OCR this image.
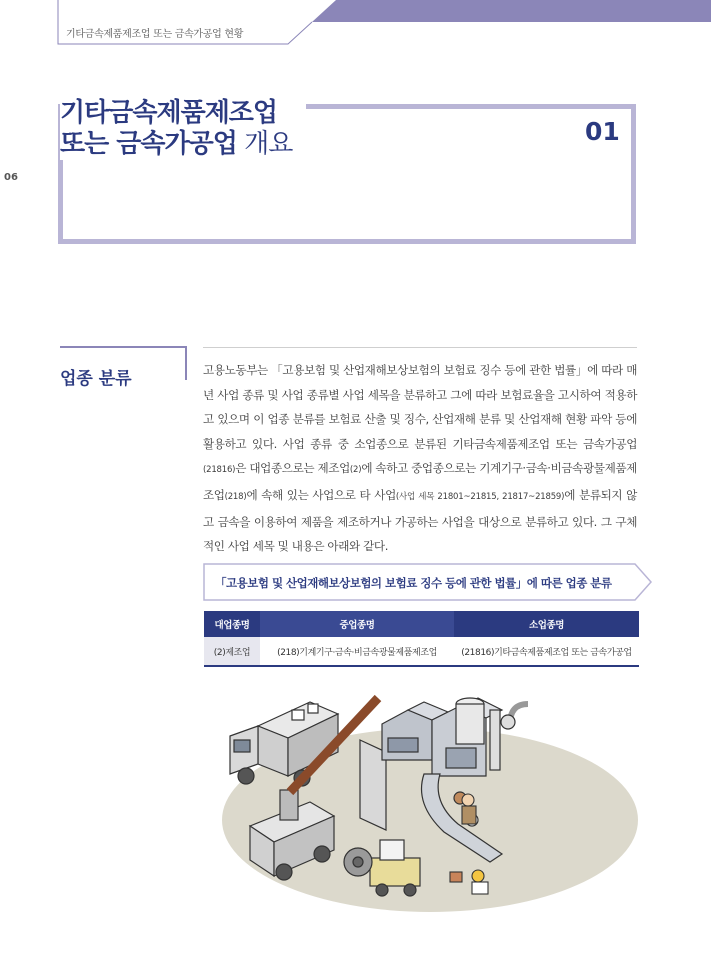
기타금속제품제조업 또는 금속가공업 현황
06
기타금속제품제조업
또는 금속가공업 개요	01
업종 분류	고용노동부는 「고용보험 및 산업재해보상보험의 보험료 징수 등에 관한 법률」에 따라 매년 사업 종류 및 사업 종류별 사업 세목을 분류하고 그에 따라 보험료율을 고시하여 적용하고 있으며 이 업종 분류를 보험료 산출 및 징수, 산업재해 분류 및 산업재해 현황 파악 등에 활용하고 있다. 사업 종류 중 소업종으로 분류된 기타금속제품제조업 또는 금속가공업(21816)은 대업종으로는 제조업(2)에 속하고 중업종으로는 기계기구·금속·비금속광물제품제조업(218)에 속해 있는 사업으로 타 사업(사업 세목 21801~21815, 21817~21859)에 분류되지 않고 금속을 이용하여 제품을 제조하거나 가공하는 사업을 대상으로 분류하고 있다. 그 구체적인 사업 세목 및 내용은 아래와 같다.
「고용보험 및 산업재해보상보험의 보험료 징수 등에 관한 법률」에 따른 업종 분류
대업종명	중업종명	소업종명
(2)제조업	(218)기계기구·금속·비금속광물제품제조업	(21816)기타금속제품제조업 또는 금속가공업
